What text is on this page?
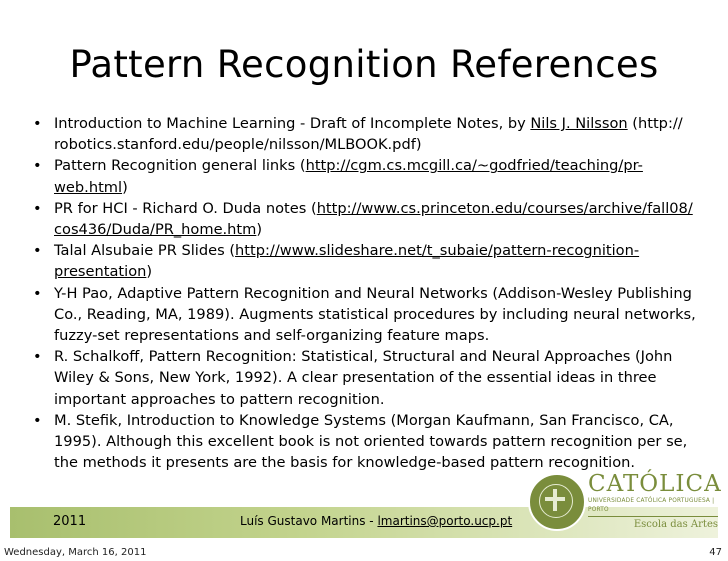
Pattern Recognition References
• Introduction to Machine Learning - Draft of Incomplete Notes, by Nils J. Nilsson (http:// robotics.stanford.edu/people/nilsson/MLBOOK.pdf)
• Pattern Recognition general links (http://cgm.cs.mcgill.ca/~godfried/teaching/pr-web.html)
• PR for HCI - Richard O. Duda notes (http://www.cs.princeton.edu/courses/archive/fall08/ cos436/Duda/PR_home.htm)
• Talal Alsubaie PR Slides (http://www.slideshare.net/t_subaie/pattern-recognition-presentation)
• Y-H Pao, Adaptive Pattern Recognition and Neural Networks (Addison-Wesley Publishing Co., Reading, MA, 1989). Augments statistical procedures by including neural networks, fuzzy-set representations and self-organizing feature maps.
• R. Schalkoff, Pattern Recognition: Statistical, Structural and Neural Approaches (John Wiley & Sons, New York, 1992). A clear presentation of the essential ideas in three important approaches to pattern recognition.
• M. Stefik, Introduction to Knowledge Systems (Morgan Kaufmann, San Francisco, CA, 1995). Although this excellent book is not oriented towards pattern recognition per se, the methods it presents are the basis for knowledge-based pattern recognition.
2011	Luís Gustavo Martins - lmartins@porto.ucp.pt
CATÓLICA
UNIVERSIDADE CATÓLICA PORTUGUESA | PORTO
Escola das Artes
Wednesday, March 16, 2011	47
